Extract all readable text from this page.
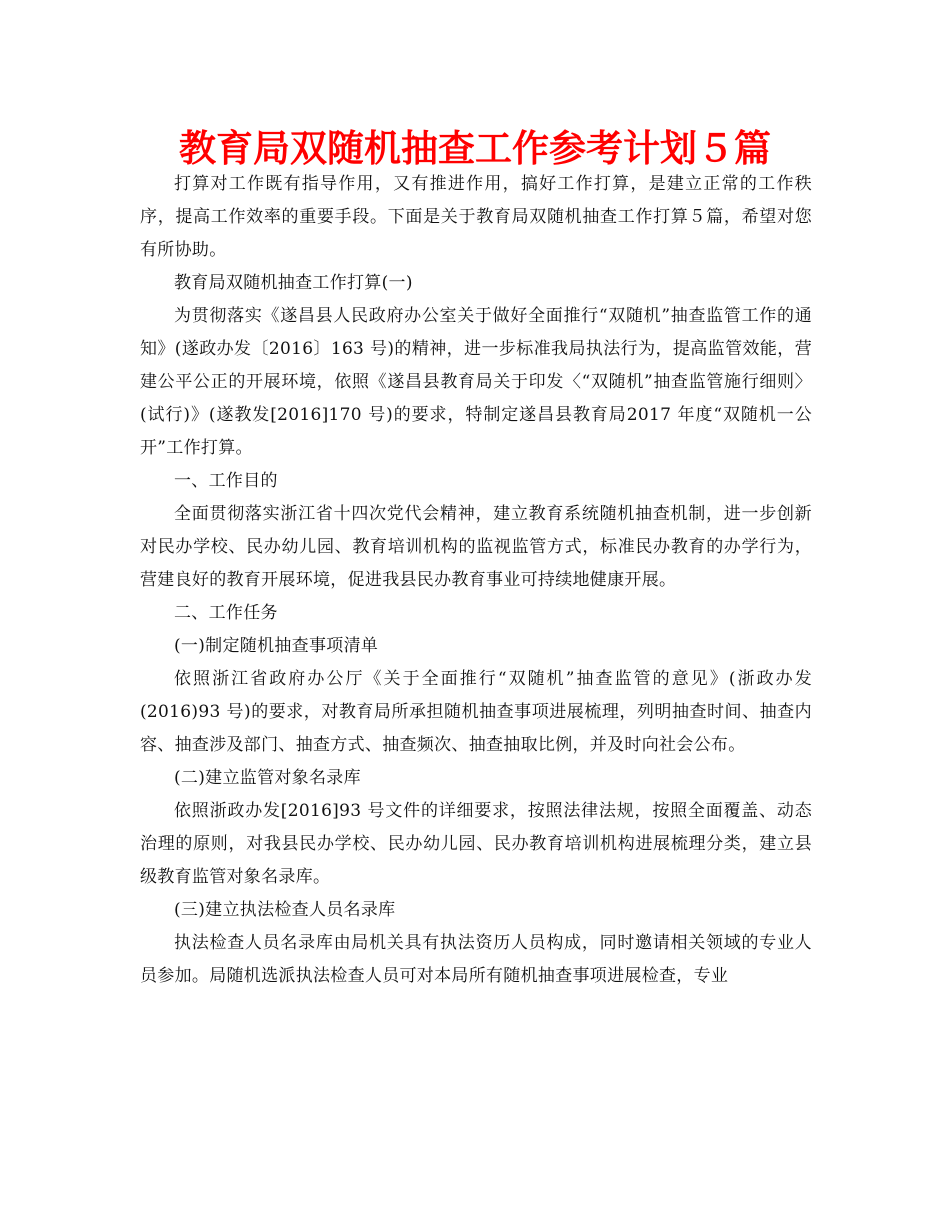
教育局双随机抽查工作参考计划５篇

打算对工作既有指导作用，又有推进作用，搞好工作打算，是建立正常的工作秩序，提高工作效率的重要手段。下面是关于教育局双随机抽查工作打算５篇，希望对您有所协助。

教育局双随机抽查工作打算(一)

为贯彻落实《遂昌县人民政府办公室关于做好全面推行“双随机”抽查监管工作的通知》(遂政办发〔2016〕163 号)的精神，进一步标准我局执法行为，提高监管效能，营建公平公正的开展环境，依照《遂昌县教育局关于印发〈“双随机”抽查监管施行细则〉(试行)》(遂教发[2016]170 号)的要求，特制定遂昌县教育局2017 年度“双随机一公开”工作打算。

一、工作目的

全面贯彻落实浙江省十四次党代会精神，建立教育系统随机抽查机制，进一步创新对民办学校、民办幼儿园、教育培训机构的监视监管方式，标准民办教育的办学行为，营建良好的教育开展环境，促进我县民办教育事业可持续地健康开展。

二、工作任务

(一)制定随机抽查事项清单

依照浙江省政府办公厅《关于全面推行“双随机”抽查监管的意见》(浙政办发(2016)93 号)的要求，对教育局所承担随机抽查事项进展梳理，列明抽查时间、抽查内容、抽查涉及部门、抽查方式、抽查频次、抽查抽取比例，并及时向社会公布。

(二)建立监管对象名录库

依照浙政办发[2016]93 号文件的详细要求，按照法律法规，按照全面覆盖、动态治理的原则，对我县民办学校、民办幼儿园、民办教育培训机构进展梳理分类，建立县级教育监管对象名录库。

(三)建立执法检查人员名录库

执法检查人员名录库由局机关具有执法资历人员构成，同时邀请相关领域的专业人员参加。局随机选派执法检查人员可对本局所有随机抽查事项进展检查，专业
